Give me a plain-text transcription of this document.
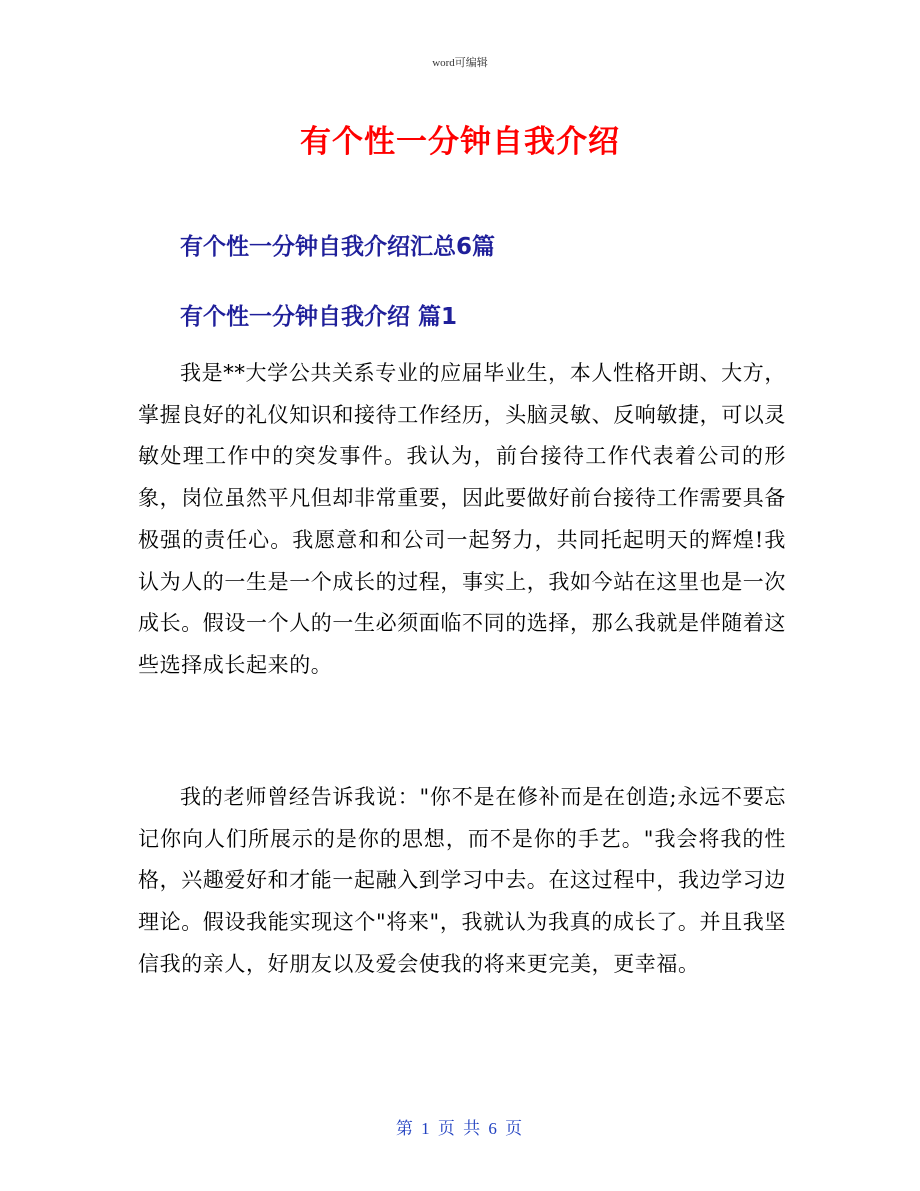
word可编辑
有个性一分钟自我介绍
有个性一分钟自我介绍汇总6篇
有个性一分钟自我介绍 篇1

我是**大学公共关系专业的应届毕业生，本人性格开朗、大方，掌握良好的礼仪知识和接待工作经历，头脑灵敏、反响敏捷，可以灵敏处理工作中的突发事件。我认为，前台接待工作代表着公司的形象，岗位虽然平凡但却非常重要，因此要做好前台接待工作需要具备极强的责任心。我愿意和和公司一起努力，共同托起明天的辉煌!我认为人的一生是一个成长的过程，事实上，我如今站在这里也是一次成长。假设一个人的一生必须面临不同的选择，那么我就是伴随着这些选择成长起来的。

我的老师曾经告诉我说："你不是在修补而是在创造;永远不要忘记你向人们所展示的是你的思想，而不是你的手艺。"我会将我的性格，兴趣爱好和才能一起融入到学习中去。在这过程中，我边学习边理论。假设我能实现这个"将来"，我就认为我真的成长了。并且我坚信我的亲人，好朋友以及爱会使我的将来更完美，更幸福。

第 1 页 共 6 页
